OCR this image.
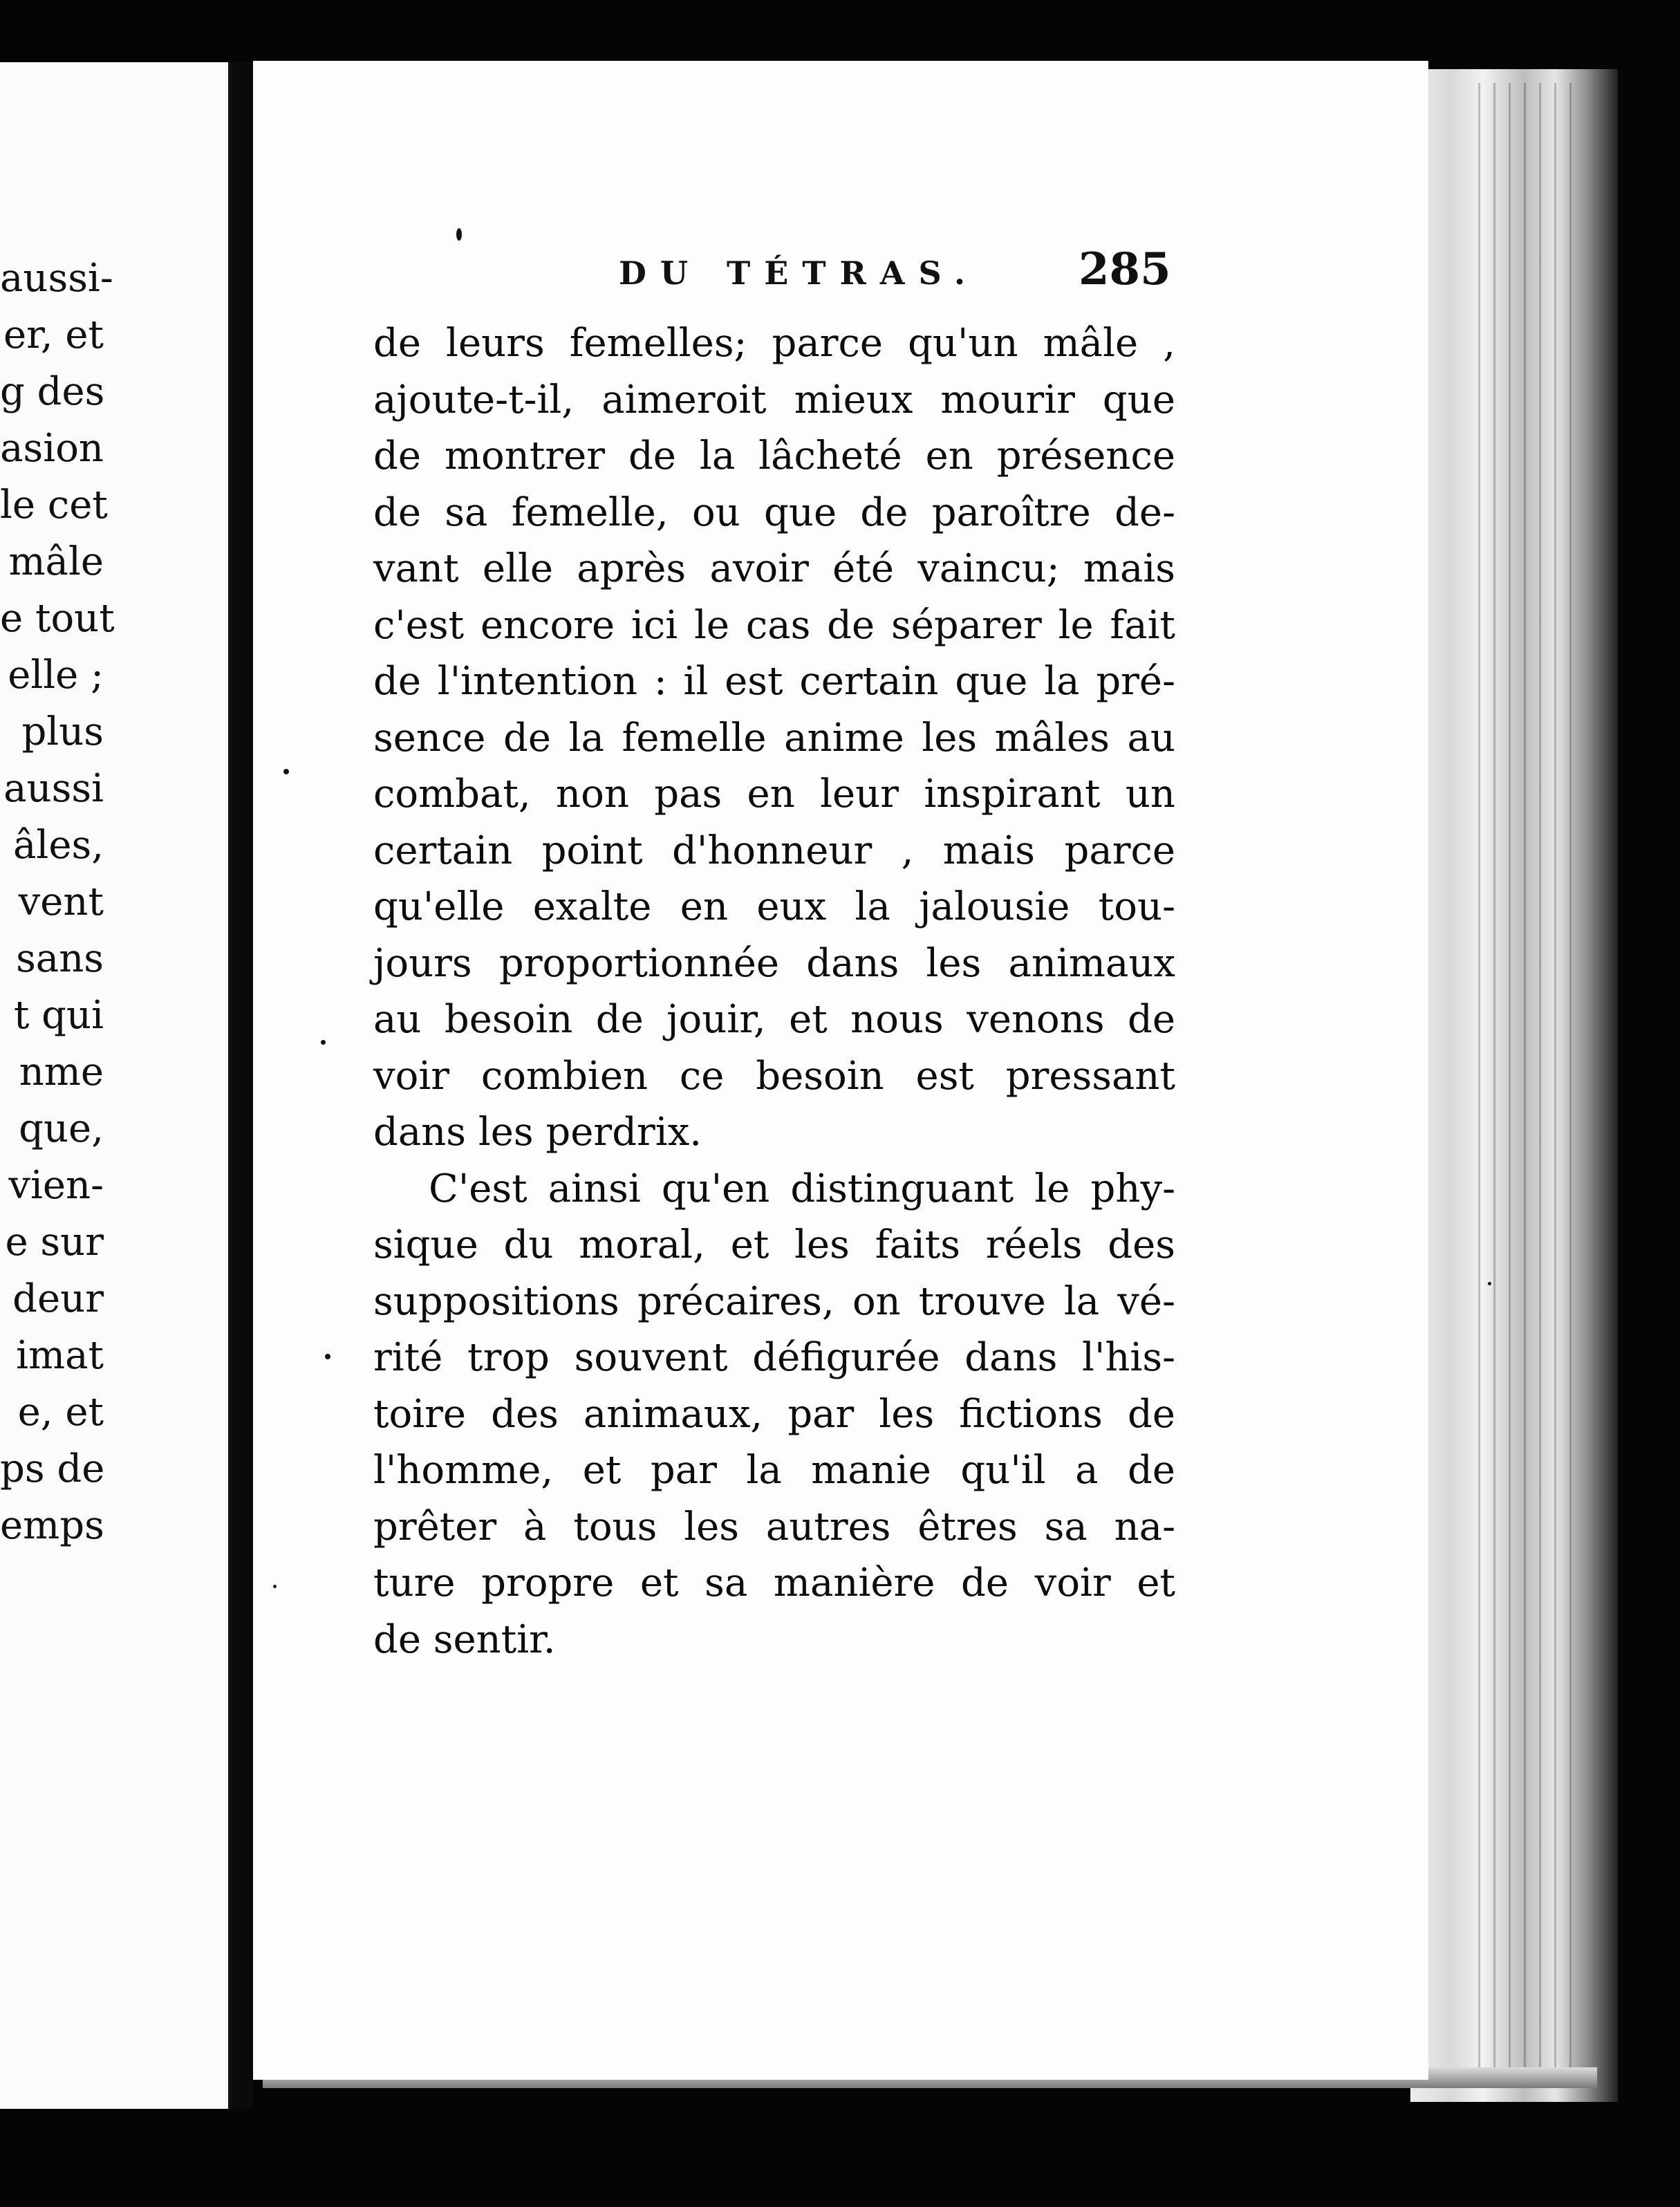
aussi-
er, et
g des
asion
le cet
mâle
e tout
elle ;
plus
aussi
âles,
vent
sans
t qui
nme
que,
vien-
e sur
deur
imat
e, et
ps de
emps
DU TÉTRAS. 285
de leurs femelles; parce qu'un mâle ,
ajoute-t-il, aimeroit mieux mourir que
de montrer de la lâcheté en présence
de sa femelle, ou que de paroître de-
vant elle après avoir été vaincu; mais
c'est encore ici le cas de séparer le fait
de l'intention : il est certain que la pré-
sence de la femelle anime les mâles au
combat, non pas en leur inspirant un
certain point d'honneur , mais parce
qu'elle exalte en eux la jalousie tou-
jours proportionnée dans les animaux
au besoin de jouir, et nous venons de
voir combien ce besoin est pressant
dans les perdrix.
C'est ainsi qu'en distinguant le phy-
sique du moral, et les faits réels des
suppositions précaires, on trouve la vé-
rité trop souvent défigurée dans l'his-
toire des animaux, par les fictions de
l'homme, et par la manie qu'il a de
prêter à tous les autres êtres sa na-
ture propre et sa manière de voir et
de sentir.
